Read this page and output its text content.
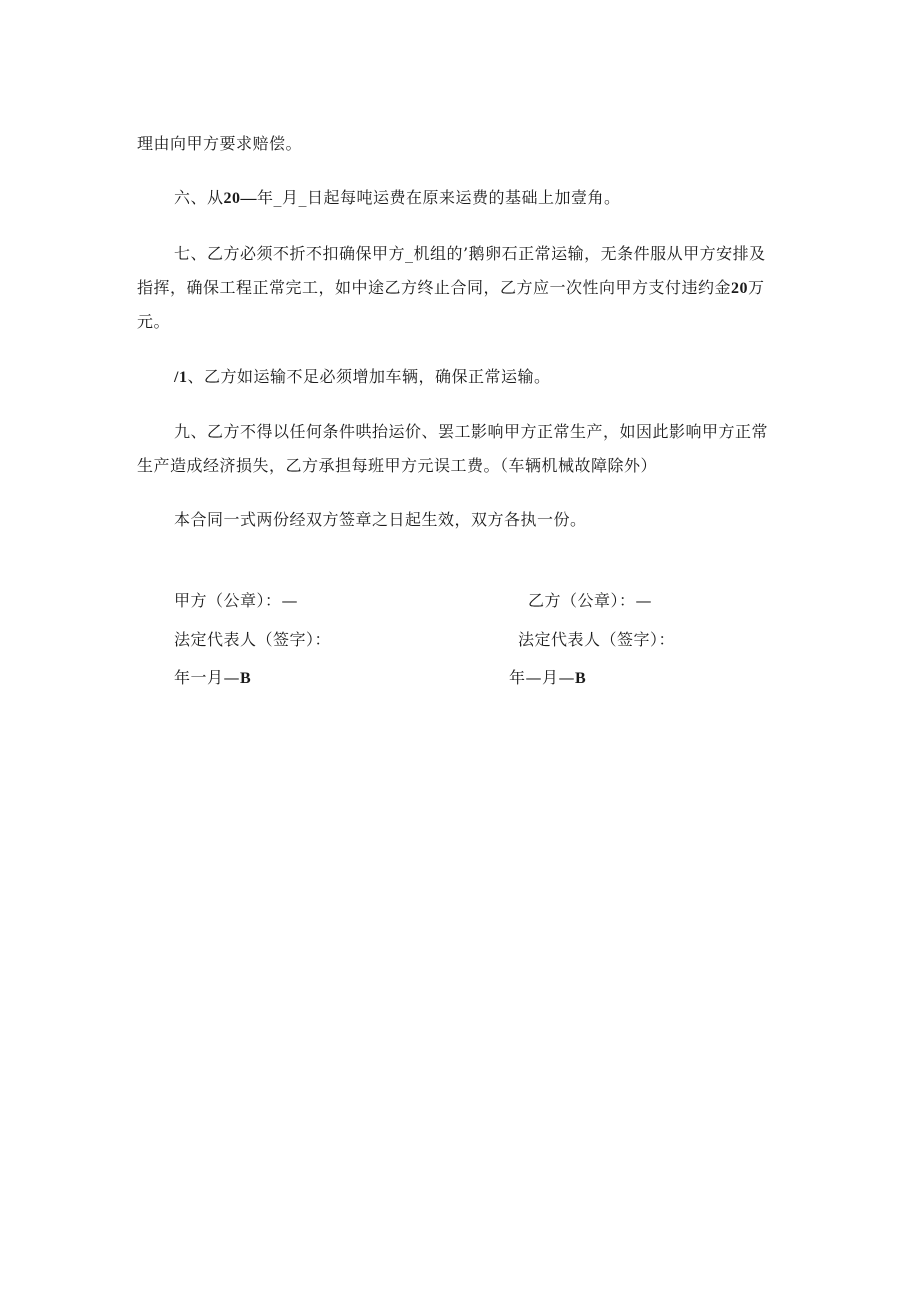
理由向甲方要求赔偿。
六、从20—年_月_日起每吨运费在原来运费的基础上加壹角。
七、乙方必须不折不扣确保甲方_机组的’鹅卵石正常运输，无条件服从甲方安排及
指挥，确保工程正常完工，如中途乙方终止合同，乙方应一次性向甲方支付违约金20万
元。
/1、乙方如运输不足必须增加车辆，确保正常运输。
九、乙方不得以任何条件哄抬运价、罢工影响甲方正常生产，如因此影响甲方正常
生产造成经济损失，乙方承担每班甲方元误工费。（车辆机械故障除外）
本合同一式两份经双方签章之日起生效，双方各执一份。
甲方（公章）：—	乙方（公章）：—
法定代表人（签字）：	法定代表人（签字）：
年一月—B	年—月—B
